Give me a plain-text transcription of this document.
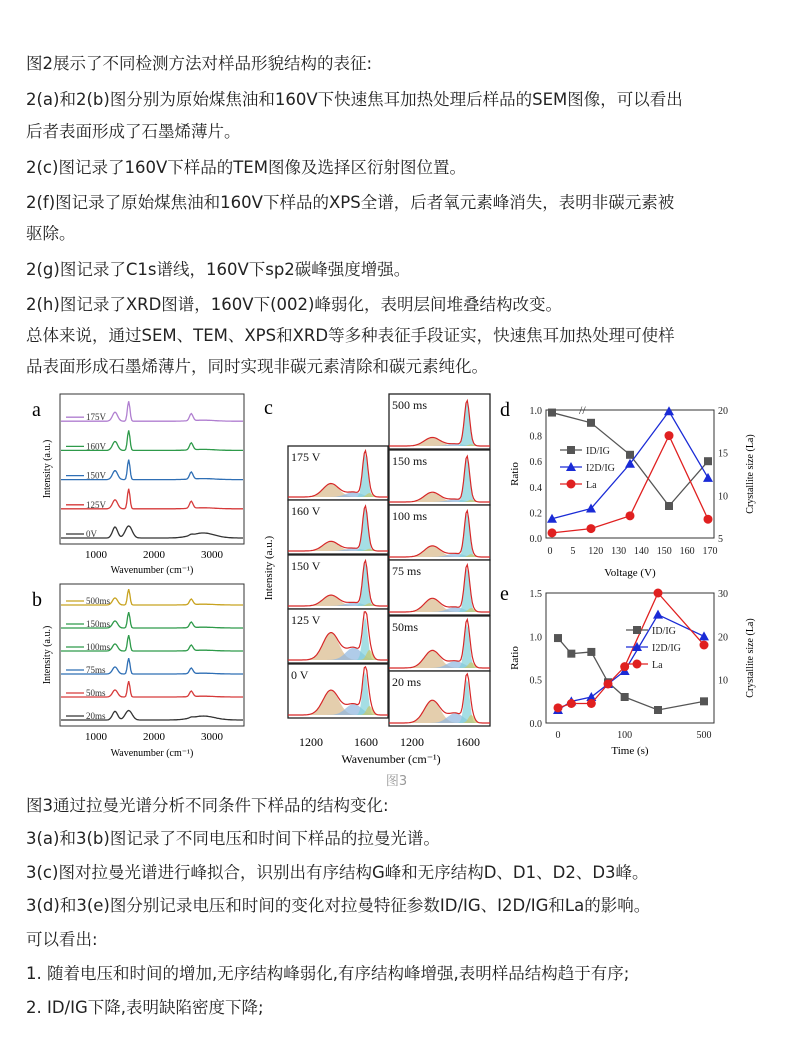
图2展示了不同检测方法对样品形貌结构的表征:
2(a)和2(b)图分别为原始煤焦油和160V下快速焦耳加热处理后样品的SEM图像，可以看出
后者表面形成了石墨烯薄片。
2(c)图记录了160V下样品的TEM图像及选择区衍射图位置。
2(f)图记录了原始煤焦油和160V下样品的XPS全谱，后者氧元素峰消失，表明非碳元素被
驱除。
2(g)图记录了C1s谱线，160V下sp2碳峰强度增强。
2(h)图记录了XRD图谱，160V下(002)峰弱化，表明层间堆叠结构改变。
总体来说，通过SEM、TEM、XPS和XRD等多种表征手段证实，快速焦耳加热处理可使样
品表面形成石墨烯薄片，同时实现非碳元素清除和碳元素纯化。
a	175V
160V
150V
125V
0V
1000	2000	3000
Wavenumber (cm⁻¹)
Intensity (a.u.)
b	500ms
150ms
100ms
75ms
50ms
20ms
1000	2000	3000
Wavenumber (cm⁻¹)
Intensity (a.u.)
c
175 V
160 V
150 V
125 V
0 V
500 ms
150 ms
100 ms
75 ms
50ms
20 ms
1200	1600 1200	1600
Wavenumber (cm⁻¹)
Intensity (a.u.)
d
0.0
0.2
0.4
0.6
0.8
1.0
5
10
15
20
0 5 120 130 140 150 160 170
//
ID/IG
I2D/IG
La
Voltage (V)
Ratio	Crystallite size (La)
e
0.0
0.5
1.0
1.5
10
20
30
0	100	500
ID/IG
I2D/IG
La
Time (s)
Ratio	Crystallite size (La)
图3
图3通过拉曼光谱分析不同条件下样品的结构变化:
3(a)和3(b)图记录了不同电压和时间下样品的拉曼光谱。
3(c)图对拉曼光谱进行峰拟合，识别出有序结构G峰和无序结构D、D1、D2、D3峰。
3(d)和3(e)图分别记录电压和时间的变化对拉曼特征参数ID/IG、I2D/IG和La的影响。
可以看出:
1. 随着电压和时间的增加,无序结构峰弱化,有序结构峰增强,表明样品结构趋于有序;
2. ID/IG下降,表明缺陷密度下降;
